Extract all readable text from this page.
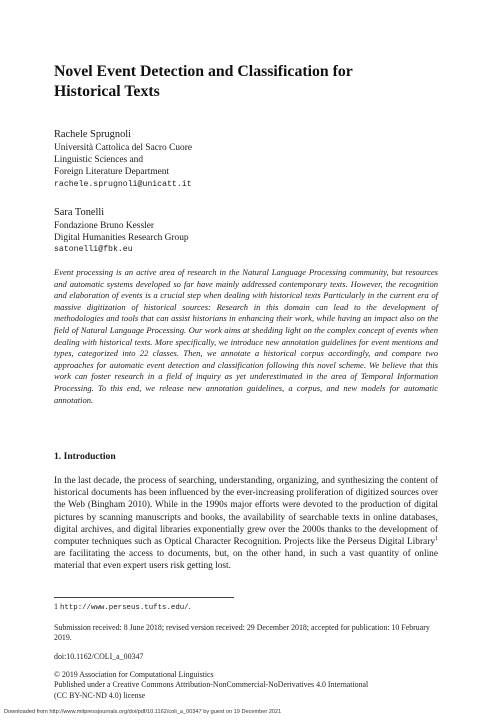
Novel Event Detection and Classification for Historical Texts
Rachele Sprugnoli
Università Cattolica del Sacro Cuore
Linguistic Sciences and
Foreign Literature Department
rachele.sprugnoli@unicatt.it
Sara Tonelli
Fondazione Bruno Kessler
Digital Humanities Research Group
satonelli@fbk.eu
Event processing is an active area of research in the Natural Language Processing community, but resources and automatic systems developed so far have mainly addressed contemporary texts. However, the recognition and elaboration of events is a crucial step when dealing with historical texts Particularly in the current era of massive digitization of historical sources: Research in this domain can lead to the development of methodologies and tools that can assist historians in enhancing their work, while having an impact also on the field of Natural Language Processing. Our work aims at shedding light on the complex concept of events when dealing with historical texts. More specifically, we introduce new annotation guidelines for event mentions and types, categorized into 22 classes. Then, we annotate a historical corpus accordingly, and compare two approaches for automatic event detection and classification following this novel scheme. We believe that this work can foster research in a field of inquiry as yet underestimated in the area of Temporal Information Processing. To this end, we release new annotation guidelines, a corpus, and new models for automatic annotation.
1. Introduction
In the last decade, the process of searching, understanding, organizing, and synthesizing the content of historical documents has been influenced by the ever-increasing proliferation of digitized sources over the Web (Bingham 2010). While in the 1990s major efforts were devoted to the production of digital pictures by scanning manuscripts and books, the availability of searchable texts in online databases, digital archives, and digital libraries exponentially grew over the 2000s thanks to the development of computer techniques such as Optical Character Recognition. Projects like the Perseus Digital Library$^1$ are facilitating the access to documents, but, on the other hand, in such a vast quantity of online material that even expert users risk getting lost.
1 http://www.perseus.tufts.edu/.
Submission received: 8 June 2018; revised version received: 29 December 2018; accepted for publication: 10 February 2019.
doi:10.1162/COLI_a_00347
© 2019 Association for Computational Linguistics
Published under a Creative Commons Attribution-NonCommercial-NoDerivatives 4.0 International
(CC BY-NC-ND 4.0) license
Downloaded from http://www.mitpressjournals.org/doi/pdf/10.1162/coli_a_00347 by guest on 19 December 2021
